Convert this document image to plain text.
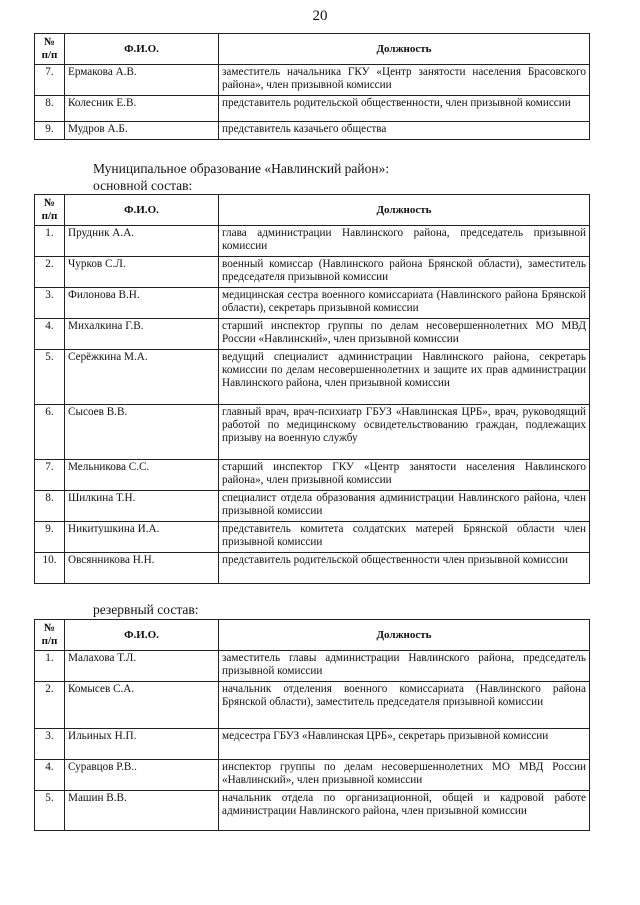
20
№ п/п	Ф.И.О.	Должность
7.	Ермакова А.В.	заместитель начальника ГКУ «Центр занятости населения Брасовского района», член призывной комиссии
8.	Колесник Е.В.	представитель родительской общественности, член призывной комиссии
9.	Мудров А.Б.	представитель казачьего общества
Муниципальное образование «Навлинский район»:
основной состав:
№ п/п	Ф.И.О.	Должность
1.	Прудник А.А.	глава администрации Навлинского района, председатель призывной комиссии
2.	Чурков С.Л.	военный комиссар (Навлинского района Брянской области), заместитель председателя призывной комиссии
3.	Филонова В.Н.	медицинская сестра военного комиссариата (Навлинского района Брянской области), секретарь призывной комиссии
4.	Михалкина Г.В.	старший инспектор группы по делам несовершеннолетних МО МВД России «Навлинский», член призывной комиссии
5.	Серёжкина М.А.	ведущий специалист администрации Навлинского района, секретарь комиссии по делам несовершеннолетних и защите их прав администрации Навлинского района, член призывной комиссии
6.	Сысоев В.В.	главный врач, врач-психиатр ГБУЗ «Навлинская ЦРБ», врач, руководящий работой по медицинскому освидетельствованию граждан, подлежащих призыву на военную службу
7.	Мельникова С.С.	старший инспектор ГКУ «Центр занятости населения Навлинского района», член призывной комиссии
8.	Шилкина Т.Н.	специалист отдела образования администрации Навлинского района, член призывной комиссии
9.	Никитушкина И.А.	представитель комитета солдатских матерей Брянской области член призывной комиссии
10.	Овсянникова Н.Н.	представитель родительской общественности член призывной комиссии
резервный состав:
№ п/п	Ф.И.О.	Должность
1.	Малахова Т.Л.	заместитель главы администрации Навлинского района, председатель призывной комиссии
2.	Комысев С.А.	начальник отделения военного комиссариата (Навлинского района Брянской области), заместитель председателя призывной комиссии
3.	Ильиных Н.П.	медсестра ГБУЗ «Навлинская ЦРБ», секретарь призывной комиссии
4.	Суравцов Р.В..	инспектор группы по делам несовершеннолетних МО МВД России «Навлинский», член призывной комиссии
5.	Машин В.В.	начальник отдела по организационной, общей и кадровой работе администрации Навлинского района, член призывной комиссии
